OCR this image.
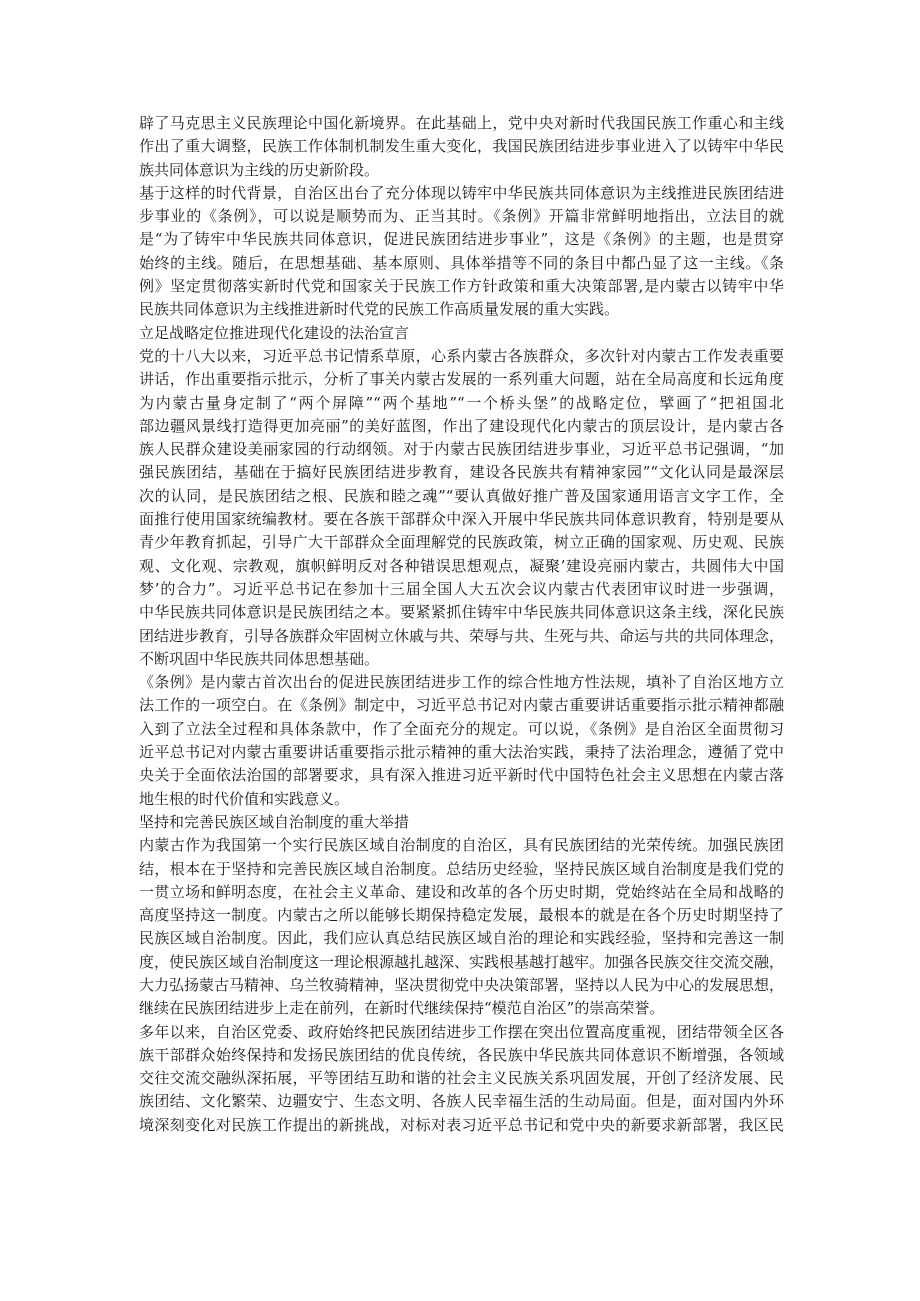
辟了马克思主义民族理论中国化新境界。在此基础上，党中央对新时代我国民族工作重心和主线
作出了重大调整，民族工作体制机制发生重大变化，我国民族团结进步事业进入了以铸牢中华民
族共同体意识为主线的历史新阶段。
基于这样的时代背景，自治区出台了充分体现以铸牢中华民族共同体意识为主线推进民族团结进
步事业的《条例》，可以说是顺势而为、正当其时。《条例》开篇非常鲜明地指出，立法目的就
是“为了铸牢中华民族共同体意识，促进民族团结进步事业”，这是《条例》的主题，也是贯穿
始终的主线。随后，在思想基础、基本原则、具体举措等不同的条目中都凸显了这一主线。《条
例》坚定贯彻落实新时代党和国家关于民族工作方针政策和重大决策部署,是内蒙古以铸牢中华
民族共同体意识为主线推进新时代党的民族工作高质量发展的重大实践。
立足战略定位推进现代化建设的法治宣言
党的十八大以来，习近平总书记情系草原，心系内蒙古各族群众，多次针对内蒙古工作发表重要
讲话，作出重要指示批示，分析了事关内蒙古发展的一系列重大问题，站在全局高度和长远角度
为内蒙古量身定制了“两个屏障”“两个基地”“一个桥头堡”的战略定位，擘画了“把祖国北
部边疆风景线打造得更加亮丽”的美好蓝图，作出了建设现代化内蒙古的顶层设计，是内蒙古各
族人民群众建设美丽家园的行动纲领。对于内蒙古民族团结进步事业，习近平总书记强调，“加
强民族团结，基础在于搞好民族团结进步教育，建设各民族共有精神家园”“文化认同是最深层
次的认同，是民族团结之根、民族和睦之魂”“要认真做好推广普及国家通用语言文字工作，全
面推行使用国家统编教材。要在各族干部群众中深入开展中华民族共同体意识教育，特别是要从
青少年教育抓起，引导广大干部群众全面理解党的民族政策，树立正确的国家观、历史观、民族
观、文化观、宗教观，旗帜鲜明反对各种错误思想观点，凝聚’建设亮丽内蒙古，共圆伟大中国
梦’的合力”。习近平总书记在参加十三届全国人大五次会议内蒙古代表团审议时进一步强调，
中华民族共同体意识是民族团结之本。要紧紧抓住铸牢中华民族共同体意识这条主线，深化民族
团结进步教育，引导各族群众牢固树立休戚与共、荣辱与共、生死与共、命运与共的共同体理念，
不断巩固中华民族共同体思想基础。
《条例》是内蒙古首次出台的促进民族团结进步工作的综合性地方性法规，填补了自治区地方立
法工作的一项空白。在《条例》制定中，习近平总书记对内蒙古重要讲话重要指示批示精神都融
入到了立法全过程和具体条款中，作了全面充分的规定。可以说，《条例》是自治区全面贯彻习
近平总书记对内蒙古重要讲话重要指示批示精神的重大法治实践，秉持了法治理念，遵循了党中
央关于全面依法治国的部署要求，具有深入推进习近平新时代中国特色社会主义思想在内蒙古落
地生根的时代价值和实践意义。
坚持和完善民族区域自治制度的重大举措
内蒙古作为我国第一个实行民族区域自治制度的自治区，具有民族团结的光荣传统。加强民族团
结，根本在于坚持和完善民族区域自治制度。总结历史经验，坚持民族区域自治制度是我们党的
一贯立场和鲜明态度，在社会主义革命、建设和改革的各个历史时期，党始终站在全局和战略的
高度坚持这一制度。内蒙古之所以能够长期保持稳定发展，最根本的就是在各个历史时期坚持了
民族区域自治制度。因此，我们应认真总结民族区域自治的理论和实践经验，坚持和完善这一制
度，使民族区域自治制度这一理论根源越扎越深、实践根基越打越牢。加强各民族交往交流交融，
大力弘扬蒙古马精神、乌兰牧骑精神，坚决贯彻党中央决策部署，坚持以人民为中心的发展思想，
继续在民族团结进步上走在前列，在新时代继续保持“模范自治区”的崇高荣誉。
多年以来，自治区党委、政府始终把民族团结进步工作摆在突出位置高度重视，团结带领全区各
族干部群众始终保持和发扬民族团结的优良传统，各民族中华民族共同体意识不断增强，各领域
交往交流交融纵深拓展，平等团结互助和谐的社会主义民族关系巩固发展，开创了经济发展、民
族团结、文化繁荣、边疆安宁、生态文明、各族人民幸福生活的生动局面。但是，面对国内外环
境深刻变化对民族工作提出的新挑战，对标对表习近平总书记和党中央的新要求新部署，我区民
